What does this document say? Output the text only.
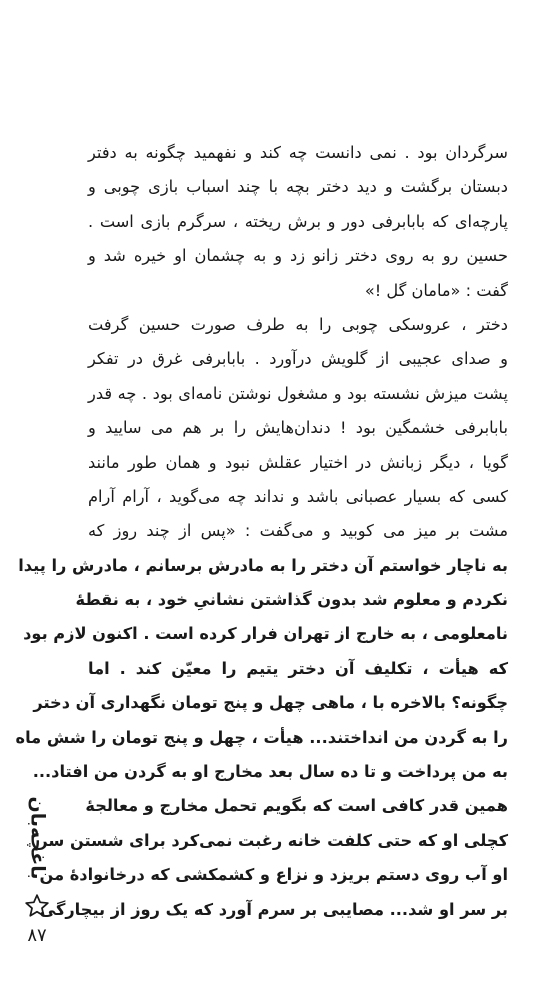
سرگردان بود . نمی دانست چه کند و نفهمید چگونه به دفتر
دبستان برگشت و دید دختر بچه با چند اسباب بازی چوبی و
پارچه‌ای که بابابرفی دور و برش ریخته ، سرگرم بازی است .
حسین رو به روی دختر زانو زد و به چشمان او خیره شد و
گفت : «مامان گل !»
دختر ، عروسکی چوبی را به طرف صورت حسین گرفت
و صدای عجیبی از گلویش درآورد . بابابرفی غرق در تفکر
پشت میزش نشسته بود و مشغول نوشتن نامه‌ای بود . چه قدر
بابابرفی خشمگین بود ! دندان‌هایش را بر هم می سایید و
گویا ، دیگر زبانش در اختیار عقلش نبود و همان طور مانند
کسی که بسیار عصبانی باشد و نداند چه می‌گوید ، آرام آرام
مشت بر میز می کوبید و می‌گفت : «پس از چند روز که
به ناچار خواستم آن دختر را به مادرش برسانم ، مادرش را پیدا
نکردم و معلوم شد بدون گذاشتن نشانیِ خود ، به نقطهٔ
نامعلومی ، به خارج از تهران فرار کرده است . اکنون لازم بود
که هیأت ، تکلیف آن دختر یتیم را معیّن کند . اما
چگونه؟ بالاخره با ، ماهی چهل و پنج تومان نگهداری آن دختر
را به گردن من انداختند... هیأت ، چهل و پنج تومان را شش ماه
به من پرداخت و تا ده سال بعد مخارج او به گردن من افتاد...
همین قدر کافی است که بگویم تحمل مخارج و معالجهٔ
کچلی او که حتی کلفت خانه رغبت نمی‌کرد برای شستن سر
او آب روی دستم بریزد و نزاع و کشمکشی که درخانوادهٔ من
بر سر او شد... مصایبی بر سرم آورد که یک روز از بیچارگی
باغچه‌بان
۸۷
